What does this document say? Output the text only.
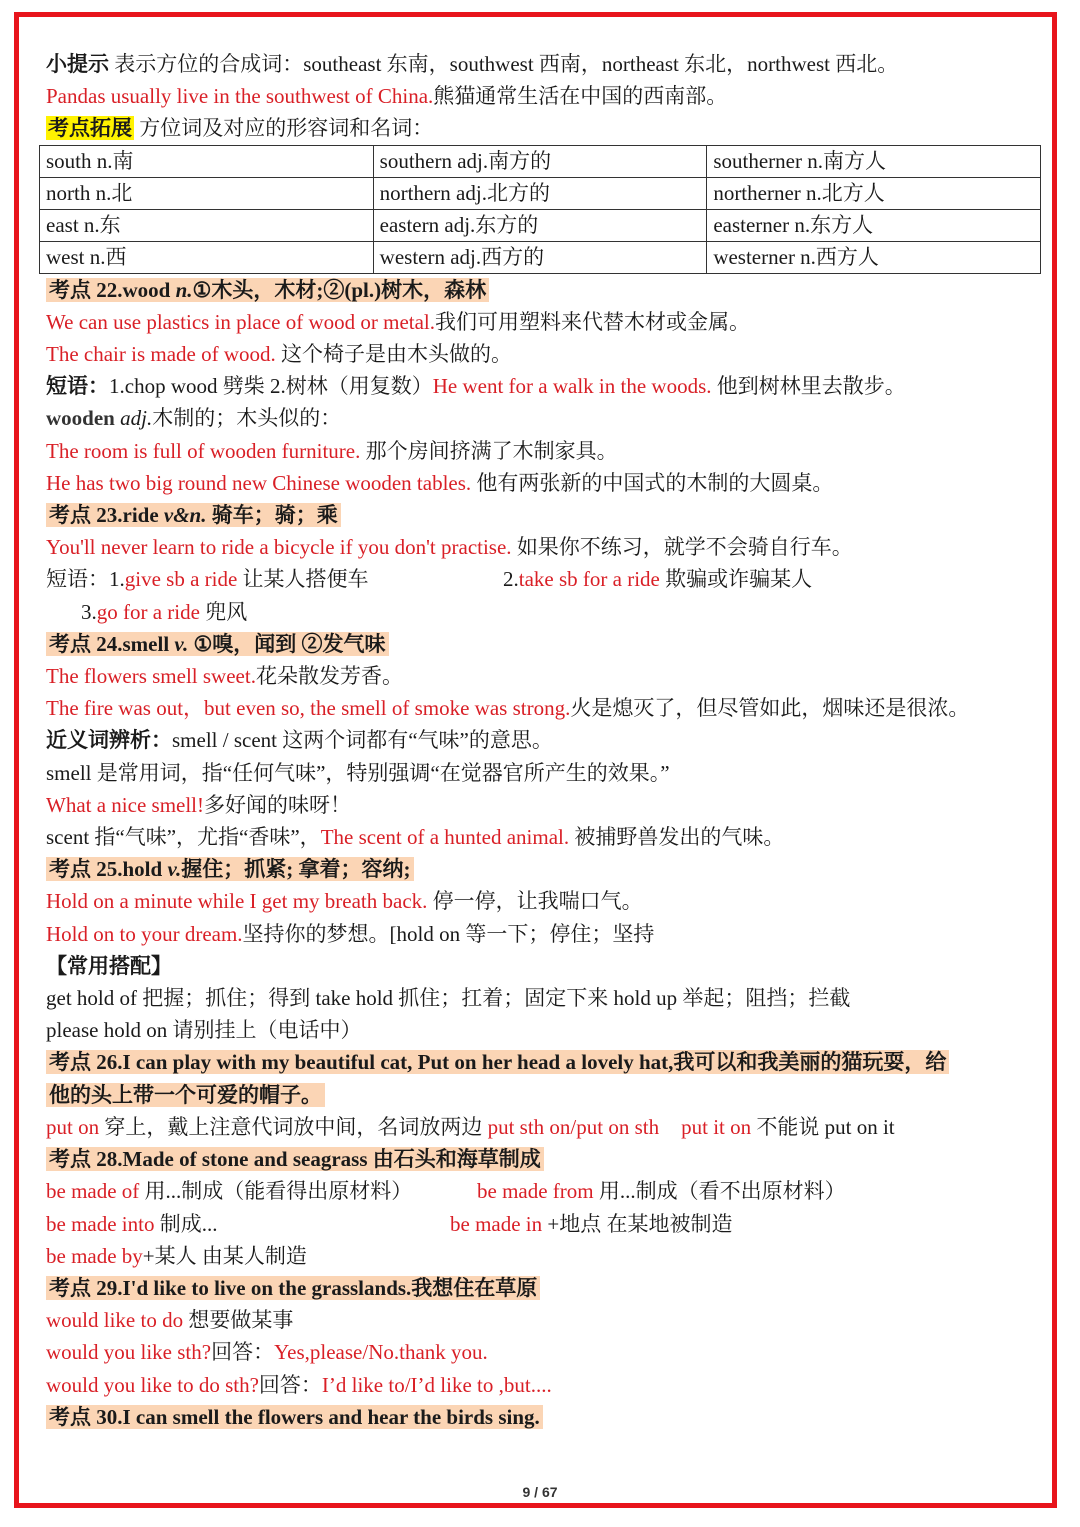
小提示 表示方位的合成词：southeast 东南，southwest 西南，northeast 东北，northwest 西北。
Pandas usually live in the southwest of China.熊猫通常生活在中国的西南部。
考点拓展 方位词及对应的形容词和名词：
south n.南	southern adj.南方的	southerner n.南方人
north n.北	northern adj.北方的	northerner n.北方人
east n.东	eastern adj.东方的	easterner n.东方人
west n.西	western adj.西方的	westerner n.西方人
考点 22.wood n.①木头，木材;②(pl.)树木，森林
We can use plastics in place of wood or metal.我们可用塑料来代替木材或金属。
The chair is made of wood. 这个椅子是由木头做的。
短语：1.chop wood 劈柴 2.树林（用复数）He went for a walk in the woods. 他到树林里去散步。
wooden adj.木制的；木头似的：
The room is full of wooden furniture. 那个房间挤满了木制家具。
He has two big round new Chinese wooden tables. 他有两张新的中国式的木制的大圆桌。
考点 23.ride v&n. 骑车；骑；乘
You'll never learn to ride a bicycle if you don't practise. 如果你不练习，就学不会骑自行车。
短语：1.give sb a ride 让某人搭便车	2.take sb for a ride 欺骗或诈骗某人
3.go for a ride 兜风
考点 24.smell v. ①嗅，闻到 ②发气味
The flowers smell sweet.花朵散发芳香。
The fire was out，but even so, the smell of smoke was strong.火是熄灭了，但尽管如此，烟味还是很浓。
近义词辨析：smell / scent 这两个词都有“气味”的意思。
smell 是常用词，指“任何气味”，特别强调“在觉器官所产生的效果。”
What a nice smell!多好闻的味呀！
scent 指“气味”，尤指“香味”，The scent of a hunted animal. 被捕野兽发出的气味。
考点 25.hold v.握住；抓紧; 拿着；容纳;
Hold on a minute while I get my breath back. 停一停，让我喘口气。
Hold on to your dream.坚持你的梦想。[hold on 等一下；停住；坚持
【常用搭配】
get hold of 把握；抓住；得到 take hold 抓住；扛着；固定下来 hold up 举起；阻挡；拦截
please hold on 请别挂上（电话中）
考点 26.I can play with my beautiful cat, Put on her head a lovely hat,我可以和我美丽的猫玩耍，给
他的头上带一个可爱的帽子。
put on 穿上，戴上注意代词放中间，名词放两边 put sth on/put on sth put it on 不能说 put on it
考点 28.Made of stone and seagrass 由石头和海草制成
be made of 用...制成（能看得出原材料）	be made from 用...制成（看不出原材料）
be made into 制成...	be made in +地点 在某地被制造
be made by+某人 由某人制造
考点 29.I'd like to live on the grasslands.我想住在草原
would like to do 想要做某事
would you like sth?回答：Yes,please/No.thank you.
would you like to do sth?回答：I’d like to/I’d like to ,but....
考点 30.I can smell the flowers and hear the birds sing.
9 / 67
